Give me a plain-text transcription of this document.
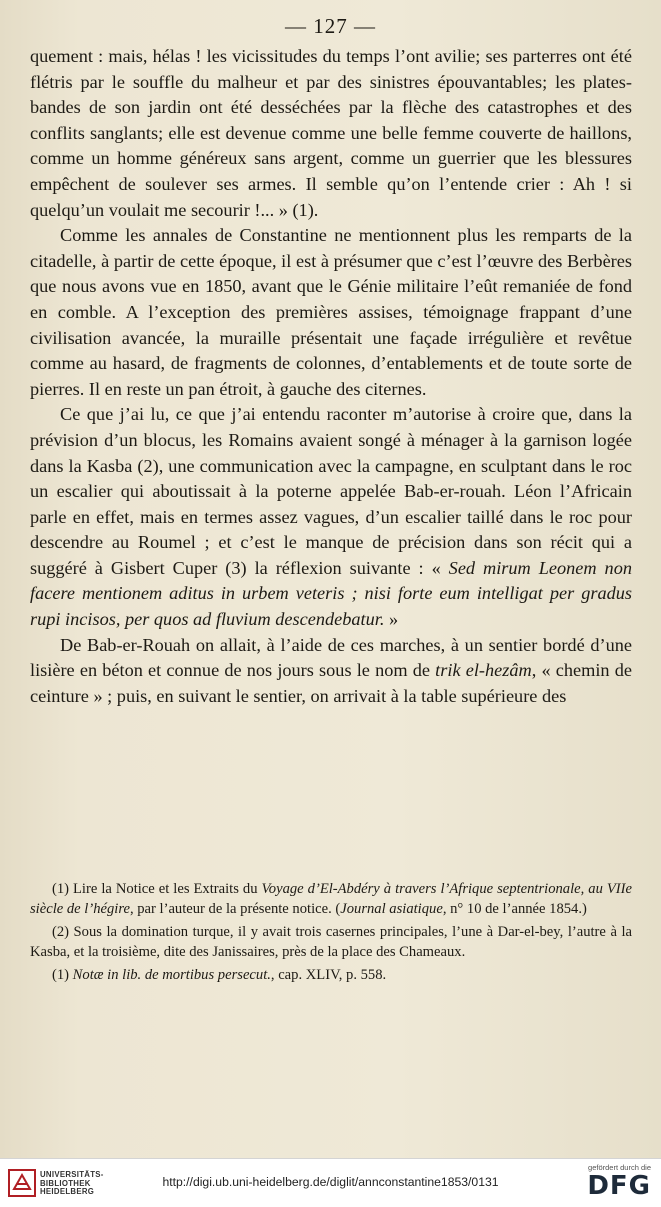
— 127 —

quement : mais, hélas ! les vicissitudes du temps l’ont avilie; ses parterres ont été flétris par le souffle du malheur et par des sinistres épouvantables; les plates-bandes de son jardin ont été desséchées par la flèche des catastrophes et des conflits sanglants; elle est devenue comme une belle femme couverte de haillons, comme un homme généreux sans argent, comme un guerrier que les blessures empêchent de soulever ses armes. Il semble qu’on l’entende crier : Ah ! si quelqu’un voulait me secourir !... » (1).

Comme les annales de Constantine ne mentionnent plus les remparts de la citadelle, à partir de cette époque, il est à présumer que c’est l’œuvre des Berbères que nous avons vue en 1850, avant que le Génie militaire l’eût remaniée de fond en comble. A l’exception des premières assises, témoignage frappant d’une civilisation avancée, la muraille présentait une façade irrégulière et revêtue comme au hasard, de fragments de colonnes, d’entablements et de toute sorte de pierres. Il en reste un pan étroit, à gauche des citernes.

Ce que j’ai lu, ce que j’ai entendu raconter m’autorise à croire que, dans la prévision d’un blocus, les Romains avaient songé à ménager à la garnison logée dans la Kasba (2), une communication avec la campagne, en sculptant dans le roc un escalier qui aboutissait à la poterne appelée Bab-er-rouah. Léon l’Africain parle en effet, mais en termes assez vagues, d’un escalier taillé dans le roc pour descendre au Roumel ; et c’est le manque de précision dans son récit qui a suggéré à Gisbert Cuper (3) la réflexion suivante : « Sed mirum Leonem non facere mentionem aditus in urbem veteris ; nisi forte eum intelligat per gradus rupi incisos, per quos ad fluvium descendebatur. »

De Bab-er-Rouah on allait, à l’aide de ces marches, à un sentier bordé d’une lisière en béton et connue de nos jours sous le nom de trik el-hezâm, « chemin de ceinture » ; puis, en suivant le sentier, on arrivait à la table supérieure des

(1) Lire la Notice et les Extraits du Voyage d’El-Abdéry à travers l’Afrique septentrionale, au VIIe siècle de l’hégire, par l’auteur de la présente notice. (Journal asiatique, n° 10 de l’année 1854.)

(2) Sous la domination turque, il y avait trois casernes principales, l’une à Dar-el-bey, l’autre à la Kasba, et la troisième, dite des Janissaires, près de la place des Chameaux.

(1) Notæ in lib. de mortibus persecut., cap. XLIV, p. 558.

UNIVERSITÄTS-
BIBLIOTHEK
HEIDELBERG
http://digi.ub.uni-heidelberg.de/diglit/annconstantine1853/0131
gefördert durch die
DFG
